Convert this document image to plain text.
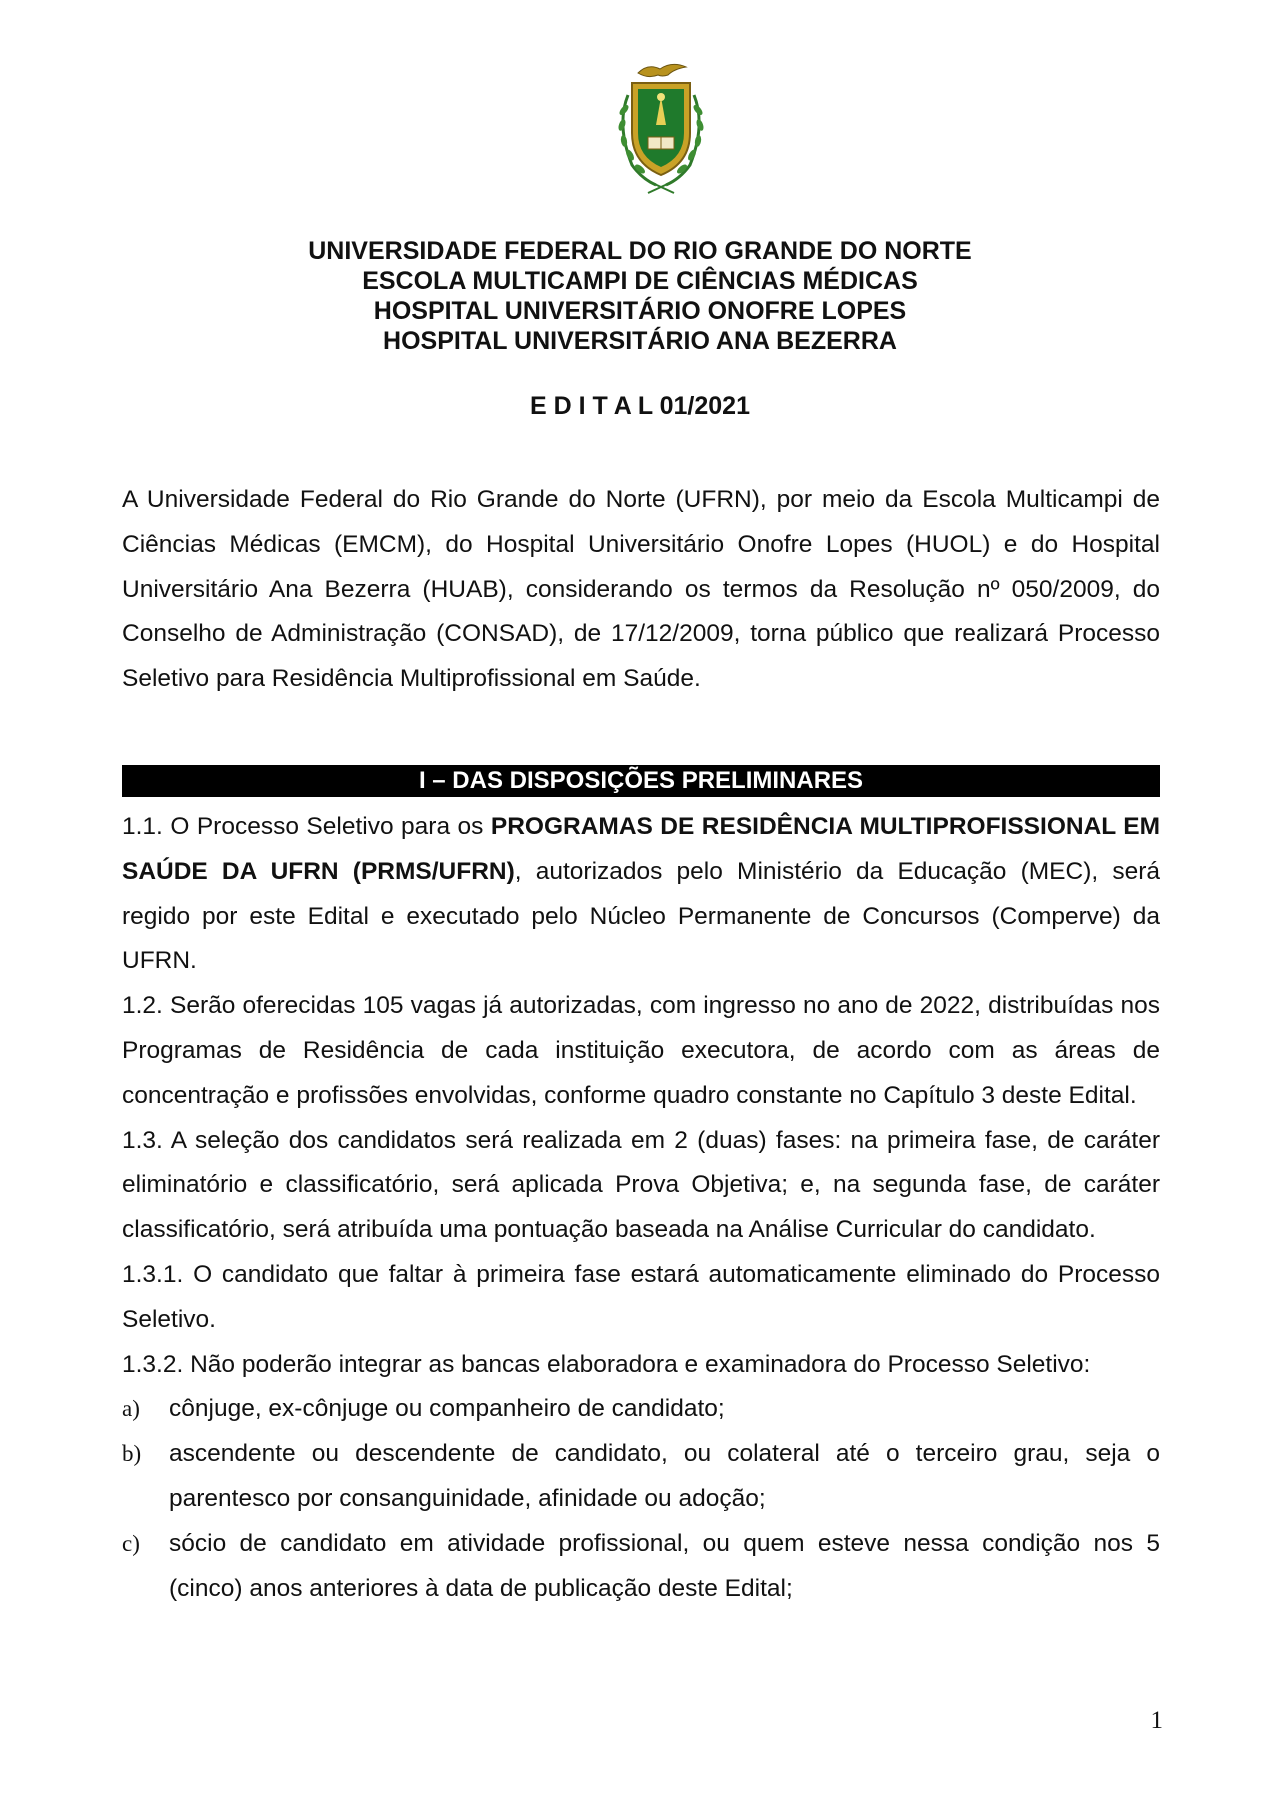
UNIVERSIDADE FEDERAL DO RIO GRANDE DO NORTE
ESCOLA MULTICAMPI DE CIÊNCIAS MÉDICAS
HOSPITAL UNIVERSITÁRIO ONOFRE LOPES
HOSPITAL UNIVERSITÁRIO ANA BEZERRA
E D I T A L 01/2021

A Universidade Federal do Rio Grande do Norte (UFRN), por meio da Escola Multicampi de Ciências Médicas (EMCM), do Hospital Universitário Onofre Lopes (HUOL) e do Hospital Universitário Ana Bezerra (HUAB), considerando os termos da Resolução nº 050/2009, do Conselho de Administração (CONSAD), de 17/12/2009, torna público que realizará Processo Seletivo para Residência Multiprofissional em Saúde.

I – DAS DISPOSIÇÕES PRELIMINARES

1.1. O Processo Seletivo para os PROGRAMAS DE RESIDÊNCIA MULTIPROFISSIONAL EM SAÚDE DA UFRN (PRMS/UFRN), autorizados pelo Ministério da Educação (MEC), será regido por este Edital e executado pelo Núcleo Permanente de Concursos (Comperve) da UFRN.

1.2. Serão oferecidas 105 vagas já autorizadas, com ingresso no ano de 2022, distribuídas nos Programas de Residência de cada instituição executora, de acordo com as áreas de concentração e profissões envolvidas, conforme quadro constante no Capítulo 3 deste Edital.

1.3. A seleção dos candidatos será realizada em 2 (duas) fases: na primeira fase, de caráter eliminatório e classificatório, será aplicada Prova Objetiva; e, na segunda fase, de caráter classificatório, será atribuída uma pontuação baseada na Análise Curricular do candidato.

1.3.1. O candidato que faltar à primeira fase estará automaticamente eliminado do Processo Seletivo.

1.3.2. Não poderão integrar as bancas elaboradora e examinadora do Processo Seletivo:

a) cônjuge, ex-cônjuge ou companheiro de candidato;
b) ascendente ou descendente de candidato, ou colateral até o terceiro grau, seja o parentesco por consanguinidade, afinidade ou adoção;
c) sócio de candidato em atividade profissional, ou quem esteve nessa condição nos 5 (cinco) anos anteriores à data de publicação deste Edital;
1
